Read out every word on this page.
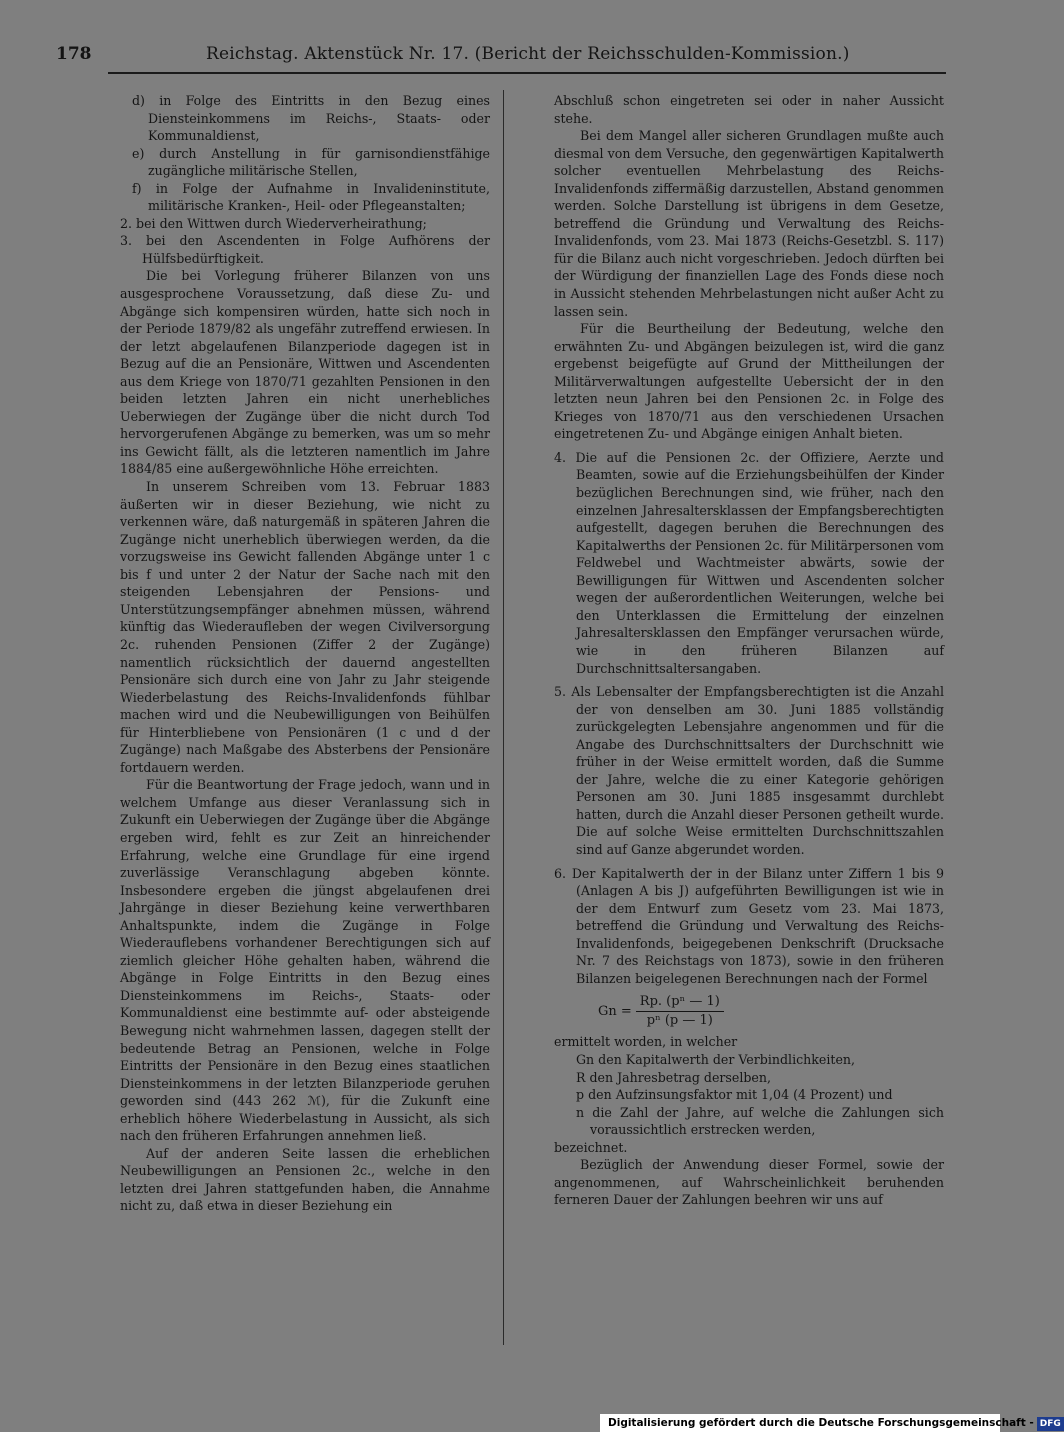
178	Reichstag. Aktenstück Nr. 17. (Bericht der Reichsschulden-Kommission.)

d) in Folge des Eintritts in den Bezug eines Diensteinkommens im Reichs-, Staats- oder Kommunaldienst,

e) durch Anstellung in für garnisondienstfähige zugängliche militärische Stellen,

f) in Folge der Aufnahme in Invalideninstitute, militärische Kranken-, Heil- oder Pflegeanstalten;

2. bei den Wittwen durch Wiederverheirathung;

3. bei den Ascendenten in Folge Aufhörens der Hülfsbedürftigkeit.

Die bei Vorlegung früherer Bilanzen von uns ausgesprochene Voraussetzung, daß diese Zu- und Abgänge sich kompensiren würden, hatte sich noch in der Periode 1879/82 als ungefähr zutreffend erwiesen. In der letzt abgelaufenen Bilanzperiode dagegen ist in Bezug auf die an Pensionäre, Wittwen und Ascendenten aus dem Kriege von 1870/71 gezahlten Pensionen in den beiden letzten Jahren ein nicht unerhebliches Ueberwiegen der Zugänge über die nicht durch Tod hervorgerufenen Abgänge zu bemerken, was um so mehr ins Gewicht fällt, als die letzteren namentlich im Jahre 1884/85 eine außergewöhnliche Höhe erreichten.

In unserem Schreiben vom 13. Februar 1883 äußerten wir in dieser Beziehung, wie nicht zu verkennen wäre, daß naturgemäß in späteren Jahren die Zugänge nicht unerheblich überwiegen werden, da die vorzugsweise ins Gewicht fallenden Abgänge unter 1 c bis f und unter 2 der Natur der Sache nach mit den steigenden Lebensjahren der Pensions- und Unterstützungsempfänger abnehmen müssen, während künftig das Wiederaufleben der wegen Civilversorgung 2c. ruhenden Pensionen (Ziffer 2 der Zugänge) namentlich rücksichtlich der dauernd angestellten Pensionäre sich durch eine von Jahr zu Jahr steigende Wiederbelastung des Reichs-Invalidenfonds fühlbar machen wird und die Neubewilligungen von Beihülfen für Hinterbliebene von Pensionären (1 c und d der Zugänge) nach Maßgabe des Absterbens der Pensionäre fortdauern werden.

Für die Beantwortung der Frage jedoch, wann und in welchem Umfange aus dieser Veranlassung sich in Zukunft ein Ueberwiegen der Zugänge über die Abgänge ergeben wird, fehlt es zur Zeit an hinreichender Erfahrung, welche eine Grundlage für eine irgend zuverlässige Veranschlagung abgeben könnte. Insbesondere ergeben die jüngst abgelaufenen drei Jahrgänge in dieser Beziehung keine verwerthbaren Anhaltspunkte, indem die Zugänge in Folge Wiederauflebens vorhandener Berechtigungen sich auf ziemlich gleicher Höhe gehalten haben, während die Abgänge in Folge Eintritts in den Bezug eines Diensteinkommens im Reichs-, Staats- oder Kommunaldienst eine bestimmte auf- oder absteigende Bewegung nicht wahrnehmen lassen, dagegen stellt der bedeutende Betrag an Pensionen, welche in Folge Eintritts der Pensionäre in den Bezug eines staatlichen Diensteinkommens in der letzten Bilanzperiode geruhen geworden sind (443 262 ℳ), für die Zukunft eine erheblich höhere Wiederbelastung in Aussicht, als sich nach den früheren Erfahrungen annehmen ließ.

Auf der anderen Seite lassen die erheblichen Neubewilligungen an Pensionen 2c., welche in den letzten drei Jahren stattgefunden haben, die Annahme nicht zu, daß etwa in dieser Beziehung ein

Abschluß schon eingetreten sei oder in naher Aussicht stehe.

Bei dem Mangel aller sicheren Grundlagen mußte auch diesmal von dem Versuche, den gegenwärtigen Kapitalwerth solcher eventuellen Mehrbelastung des Reichs-Invalidenfonds ziffermäßig darzustellen, Abstand genommen werden. Solche Darstellung ist übrigens in dem Gesetze, betreffend die Gründung und Verwaltung des Reichs-Invalidenfonds, vom 23. Mai 1873 (Reichs-Gesetzbl. S. 117) für die Bilanz auch nicht vorgeschrieben. Jedoch dürften bei der Würdigung der finanziellen Lage des Fonds diese noch in Aussicht stehenden Mehrbelastungen nicht außer Acht zu lassen sein.

Für die Beurtheilung der Bedeutung, welche den erwähnten Zu- und Abgängen beizulegen ist, wird die ganz ergebenst beigefügte auf Grund der Mittheilungen der Militärverwaltungen aufgestellte Uebersicht der in den letzten neun Jahren bei den Pensionen 2c. in Folge des Krieges von 1870/71 aus den verschiedenen Ursachen eingetretenen Zu- und Abgänge einigen Anhalt bieten.

4. Die auf die Pensionen 2c. der Offiziere, Aerzte und Beamten, sowie auf die Erziehungsbeihülfen der Kinder bezüglichen Berechnungen sind, wie früher, nach den einzelnen Jahresaltersklassen der Empfangsberechtigten aufgestellt, dagegen beruhen die Berechnungen des Kapitalwerths der Pensionen 2c. für Militärpersonen vom Feldwebel und Wachtmeister abwärts, sowie der Bewilligungen für Wittwen und Ascendenten solcher wegen der außerordentlichen Weiterungen, welche bei den Unterklassen die Ermittelung der einzelnen Jahresaltersklassen den Empfänger verursachen würde, wie in den früheren Bilanzen auf Durchschnittsaltersangaben.

5. Als Lebensalter der Empfangsberechtigten ist die Anzahl der von denselben am 30. Juni 1885 vollständig zurückgelegten Lebensjahre angenommen und für die Angabe des Durchschnittsalters der Durchschnitt wie früher in der Weise ermittelt worden, daß die Summe der Jahre, welche die zu einer Kategorie gehörigen Personen am 30. Juni 1885 insgesammt durchlebt hatten, durch die Anzahl dieser Personen getheilt wurde. Die auf solche Weise ermittelten Durchschnittszahlen sind auf Ganze abgerundet worden.

6. Der Kapitalwerth der in der Bilanz unter Ziffern 1 bis 9 (Anlagen A bis J) aufgeführten Bewilligungen ist wie in der dem Entwurf zum Gesetz vom 23. Mai 1873, betreffend die Gründung und Verwaltung des Reichs-Invalidenfonds, beigegebenen Denkschrift (Drucksache Nr. 7 des Reichstags von 1873), sowie in den früheren Bilanzen beigelegenen Berechnungen nach der Formel

$Gn = \frac{\text{Rp. (pⁿ — 1)}}{\text{pⁿ (p — 1)}}$

ermittelt worden, in welcher

Gn den Kapitalwerth der Verbindlichkeiten,

R den Jahresbetrag derselben,

p den Aufzinsungsfaktor mit 1,04 (4 Prozent) und

n die Zahl der Jahre, auf welche die Zahlungen sich voraussichtlich erstrecken werden,

bezeichnet.

Bezüglich der Anwendung dieser Formel, sowie der angenommenen, auf Wahrscheinlichkeit beruhenden ferneren Dauer der Zahlungen beehren wir uns auf

Digitalisierung gefördert durch die Deutsche Forschungsgemeinschaft - DFG
